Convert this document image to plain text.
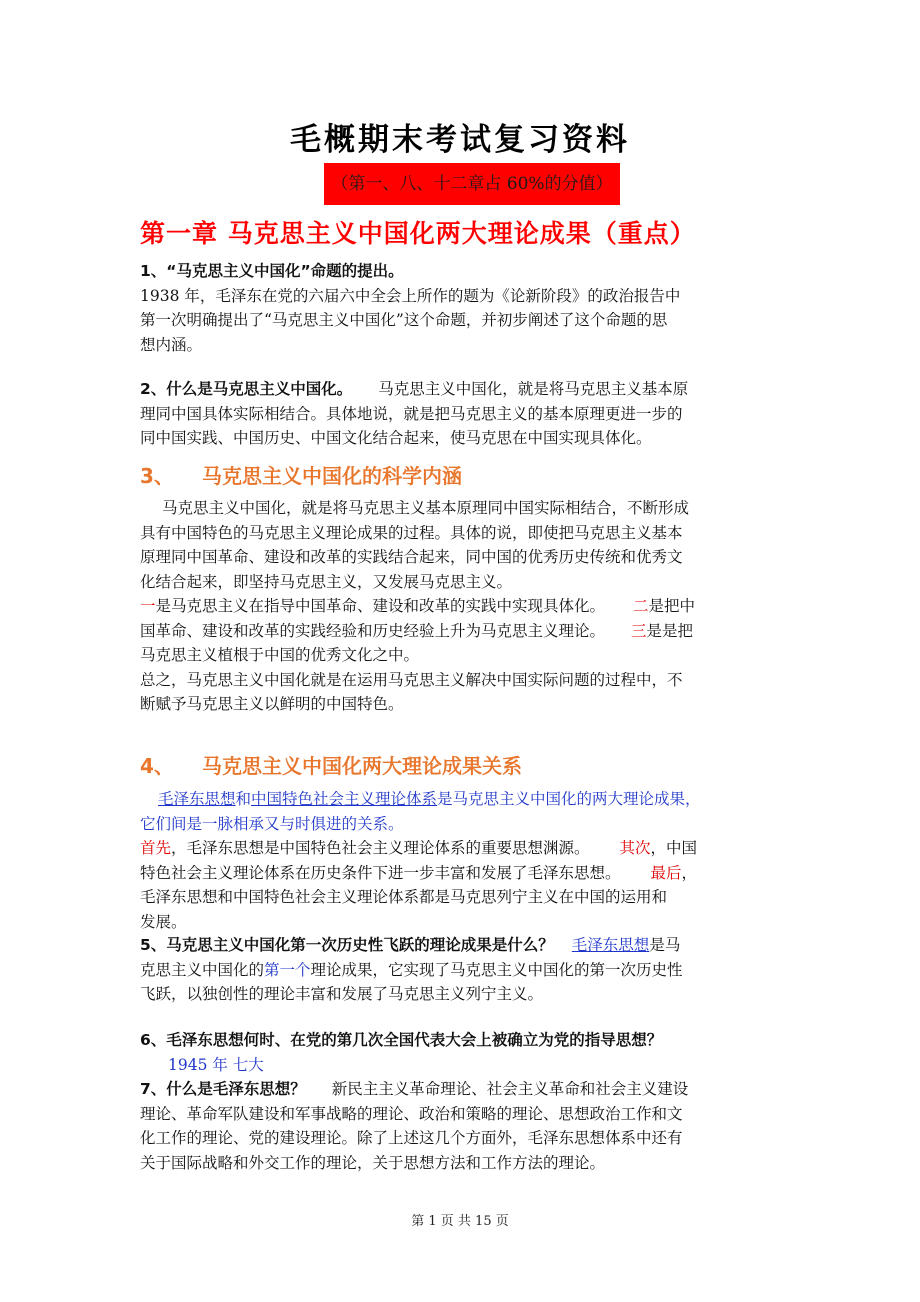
毛概期末考试复习资料
（第一、八、十二章占 60%的分值）
第一章 马克思主义中国化两大理论成果（重点）
1、“马克思主义中国化”命题的提出。
1938 年，毛泽东在党的六届六中全会上所作的题为《论新阶段》的政治报告中
第一次明确提出了“马克思主义中国化”这个命题，并初步阐述了这个命题的思
想内涵。
2、什么是马克思主义中国化。 马克思主义中国化，就是将马克思主义基本原
理同中国具体实际相结合。具体地说，就是把马克思主义的基本原理更进一步的
同中国实践、中国历史、中国文化结合起来，使马克思在中国实现具体化。
3、 马克思主义中国化的科学内涵
马克思主义中国化，就是将马克思主义基本原理同中国实际相结合，不断形成
具有中国特色的马克思主义理论成果的过程。具体的说，即使把马克思主义基本
原理同中国革命、建设和改革的实践结合起来，同中国的优秀历史传统和优秀文
化结合起来，即坚持马克思主义，又发展马克思主义。
一是马克思主义在指导中国革命、建设和改革的实践中实现具体化。 二是把中
国革命、建设和改革的实践经验和历史经验上升为马克思主义理论。 三是是把
马克思主义植根于中国的优秀文化之中。
总之，马克思主义中国化就是在运用马克思主义解决中国实际问题的过程中，不
断赋予马克思主义以鲜明的中国特色。
4、 马克思主义中国化两大理论成果关系
毛泽东思想和中国特色社会主义理论体系是马克思主义中国化的两大理论成果，
它们间是一脉相承又与时俱进的关系。
首先，毛泽东思想是中国特色社会主义理论体系的重要思想渊源。 其次，中国
特色社会主义理论体系在历史条件下进一步丰富和发展了毛泽东思想。 最后，
毛泽东思想和中国特色社会主义理论体系都是马克思列宁主义在中国的运用和
发展。
5、马克思主义中国化第一次历史性飞跃的理论成果是什么？ 毛泽东思想是马
克思主义中国化的第一个理论成果，它实现了马克思主义中国化的第一次历史性
飞跃，以独创性的理论丰富和发展了马克思主义列宁主义。
6、毛泽东思想何时、在党的第几次全国代表大会上被确立为党的指导思想？
1945 年 七大
7、什么是毛泽东思想？ 新民主主义革命理论、社会主义革命和社会主义建设
理论、革命军队建设和军事战略的理论、政治和策略的理论、思想政治工作和文
化工作的理论、党的建设理论。除了上述这几个方面外，毛泽东思想体系中还有
关于国际战略和外交工作的理论，关于思想方法和工作方法的理论。
第 1 页 共 15 页
